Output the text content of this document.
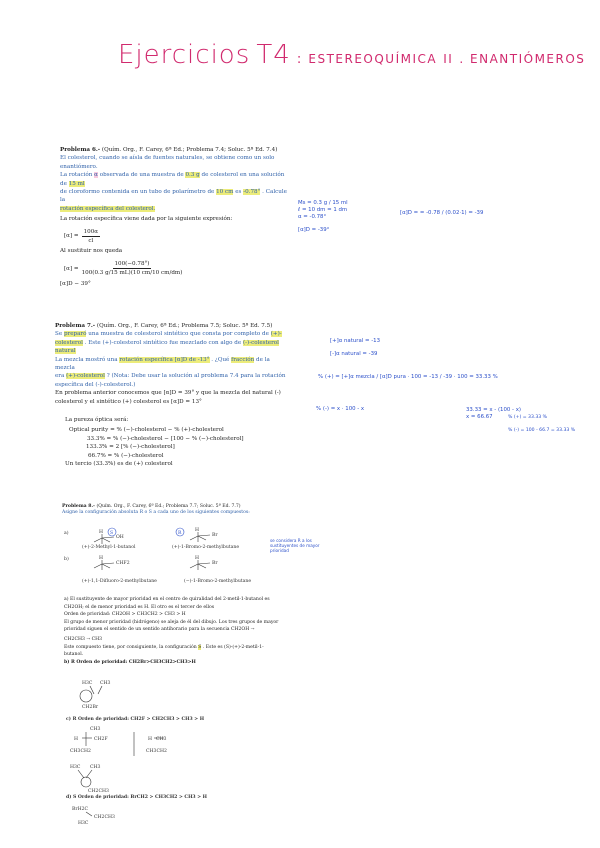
Ejercicios T4 : ESTEREOQUÍMICA II . ENANTIÓMEROS
Problema 6.- (Quím. Org., F. Carey, 6ª Ed.; Problema 7.4; Soluc. 5ª Ed. 7.4)
El colesterol, cuando se aísla de fuentes naturales, se obtiene como un solo enantiómero.
La rotación α observada de una muestra de 0.3 g de colesterol en una solución de 15 ml
de cloroformo contenida en un tubo de polarímetro de 10 cm es -0.78° . Calcule la
rotación específica del colesterol.
La rotación específica viene dada por la siguiente expresión:
$[\alpha] = \frac{100\alpha}{cl}$
Al sustituir nos queda
$[\alpha] = \frac{100(-0.78^\circ)}{100(0.3 g/15 mL)(10 cm/10 cm/dm)}$
[α]D − 39°
Problema 7.- (Quím. Org., F. Carey, 6ª Ed.; Problema 7.5; Soluc. 5ª Ed. 7.5)
Se preparó una muestra de colesterol sintético que consta por completo de (+)-
colesterol . Este (+)-colesterol sintético fue mezclado con algo de (-)-colesterol natural
La mezcla mostró una rotación específica [α]D de -13° . ¿Qué fracción de la mezcla
era (+)-colesterol ? (Nota: Debe usar la solución al problema 7.4 para la rotación
específica del (-)-colesterol.)
En problema anterior conocemos que [α]D = 39° y que la mezcla del natural (-)
colesterol y el sintético (+) colesterol es [α]D = 13°
La pureza óptica será:
Optical purity = % (−)-cholesterol − % (+)-cholesterol
33.3% = % (−)-cholesterol − [100 − % (−)-cholesterol]
133.3% = 2 [% (−)-cholesterol]
66.7% = % (−)-cholesterol
Un tercio (33.3%) es de (+) colesterol
Problema 8.- (Quím. Org., F. Carey, 6ª Ed.; Problema 7.7; Soluc. 5ª Ed. 7.7)
Asigne la configuración absoluta R o S a cada uno de los siguientes compuestos:
a)
b)
H
OH
S
(+)-2-Methyl-1-butanol
R
H
Br
(+)-1-Bromo-2-methylbutane
H
CHF2
(+)-1,1-Difluoro-2-methylbutane
H
Br
(−)-1-Bromo-2-methylbutane
a) El sustituyente de mayor prioridad en el centro de quiralidad del 2-metil-1-butanol es
CH2OH; el de menor prioridad es H. El otro es el tercer de ellos
Orden de prioridad: CH2OH > CH3CH2 > CH3 > H
El grupo de menor prioridad (hidrógeno) se aleja de él del dibujo. Los tres grupos de mayor
prioridad siguen el sentido de un sentido antihorario para la secuencia CH2OH →
CH2CH3 → CH3
Este compuesto tiene, por consiguiente, la configuración S . Este es (S)-(+)-2-metil-1-
butanol.
b) R Orden de prioridad: CH2Br>CH3CH2>CH3>H
H3C CH3
CH2Br
c) R Orden de prioridad: CH2F > CH2CH3 > CH3 > H
CH3
H	CH2F
CH3CH2
H CH3
CH3CH2
H3C CH3
CH2CH3
d) S Orden de prioridad: BrCH2 > CH3CH2 > CH3 > H
BrH2C
CH2CH3
H3C
Ms = 0.3 g / 15 ml
ℓ = 10 dm = 1 dm
α = -0.78°
[α]D = -39°
[α]D = = -0.78 / (0.02·1) = -39
[+]α natural = -13
[-]α natural = -39
% (+) = [+]α mezcla / [α]D pura · 100 = -13 / -39 · 100 = 33.33 %
% (-) = x · 100 - x	33.33 = x - (100 - x)
x = 66.67	% (+) = 33.33 %
% (-) = 100 - 66.7 = 33.33 %
se considera R a los sustituyentes de mayor prioridad
